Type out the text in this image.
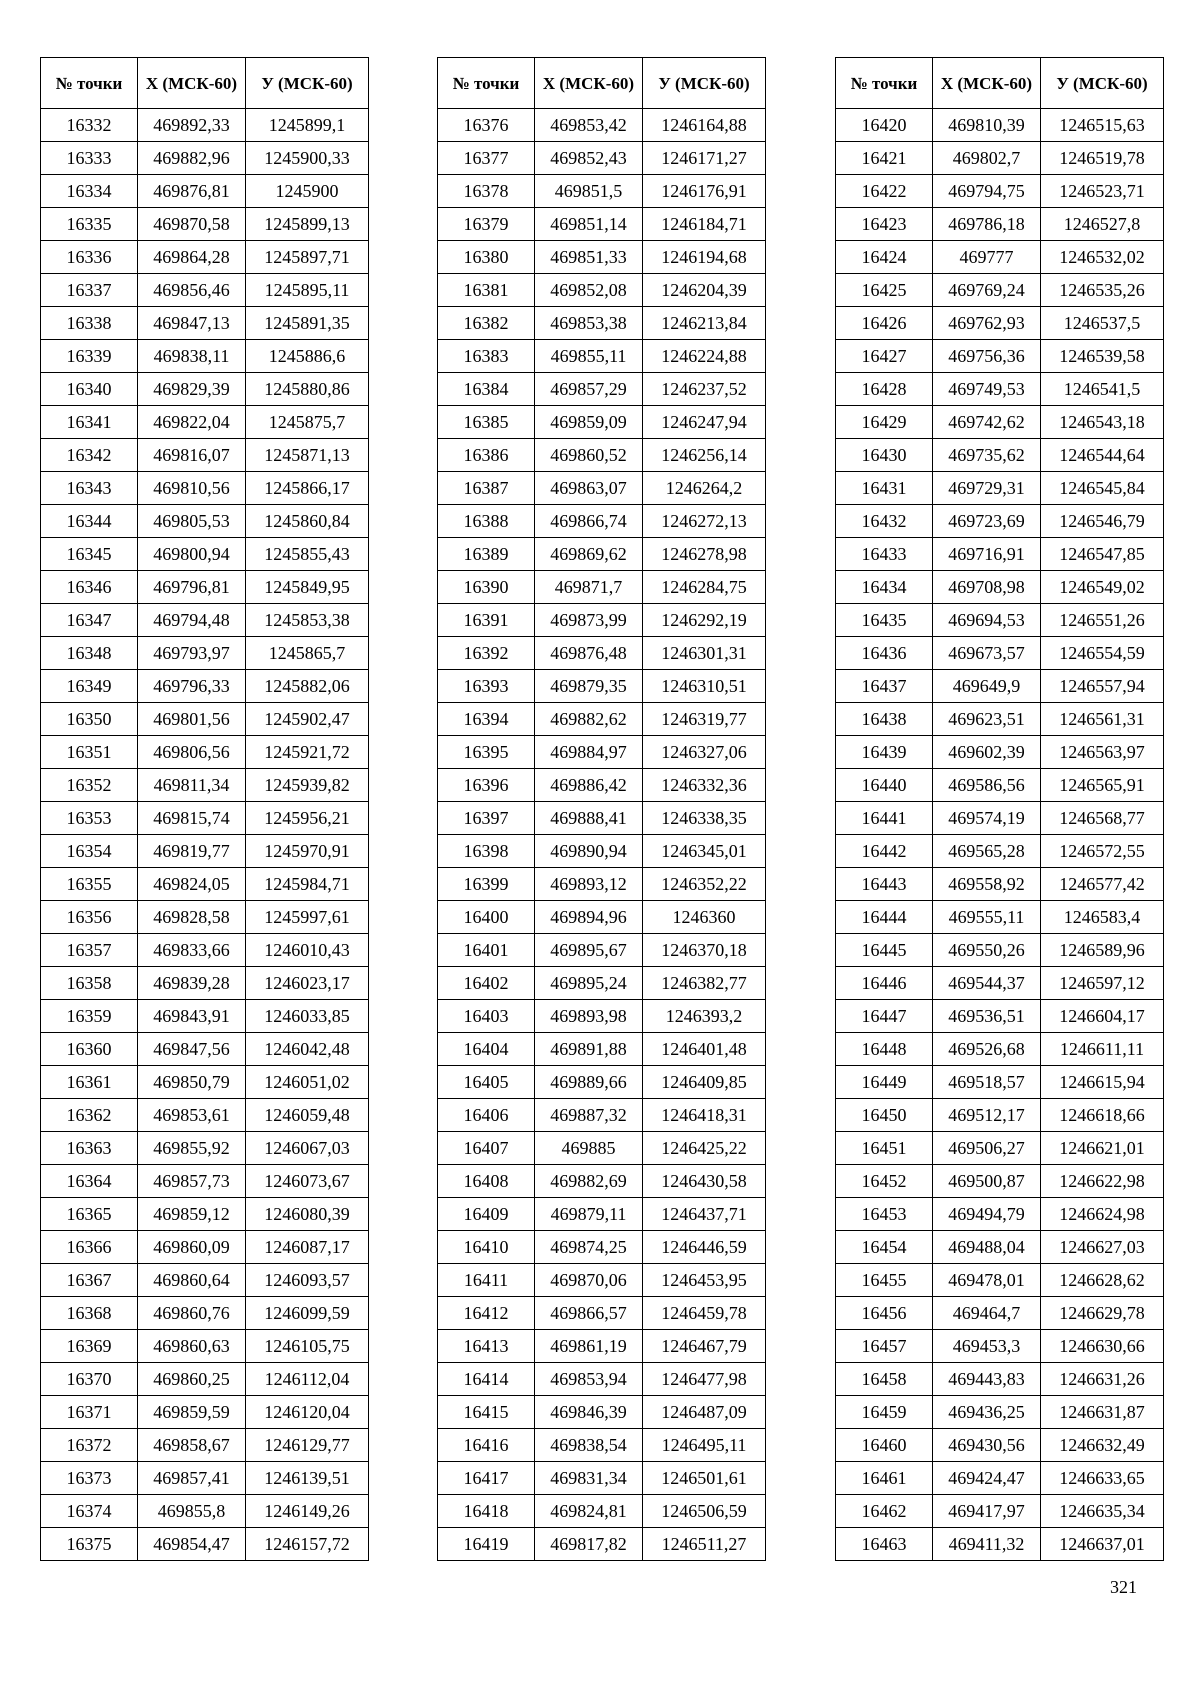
№ точки	Х (МСК-60)	У (МСК-60)
16332	469892,33	1245899,1
16333	469882,96	1245900,33
16334	469876,81	1245900
16335	469870,58	1245899,13
16336	469864,28	1245897,71
16337	469856,46	1245895,11
16338	469847,13	1245891,35
16339	469838,11	1245886,6
16340	469829,39	1245880,86
16341	469822,04	1245875,7
16342	469816,07	1245871,13
16343	469810,56	1245866,17
16344	469805,53	1245860,84
16345	469800,94	1245855,43
16346	469796,81	1245849,95
16347	469794,48	1245853,38
16348	469793,97	1245865,7
16349	469796,33	1245882,06
16350	469801,56	1245902,47
16351	469806,56	1245921,72
16352	469811,34	1245939,82
16353	469815,74	1245956,21
16354	469819,77	1245970,91
16355	469824,05	1245984,71
16356	469828,58	1245997,61
16357	469833,66	1246010,43
16358	469839,28	1246023,17
16359	469843,91	1246033,85
16360	469847,56	1246042,48
16361	469850,79	1246051,02
16362	469853,61	1246059,48
16363	469855,92	1246067,03
16364	469857,73	1246073,67
16365	469859,12	1246080,39
16366	469860,09	1246087,17
16367	469860,64	1246093,57
16368	469860,76	1246099,59
16369	469860,63	1246105,75
16370	469860,25	1246112,04
16371	469859,59	1246120,04
16372	469858,67	1246129,77
16373	469857,41	1246139,51
16374	469855,8	1246149,26
16375	469854,47	1246157,72
№ точки	Х (МСК-60)	У (МСК-60)
16376	469853,42	1246164,88
16377	469852,43	1246171,27
16378	469851,5	1246176,91
16379	469851,14	1246184,71
16380	469851,33	1246194,68
16381	469852,08	1246204,39
16382	469853,38	1246213,84
16383	469855,11	1246224,88
16384	469857,29	1246237,52
16385	469859,09	1246247,94
16386	469860,52	1246256,14
16387	469863,07	1246264,2
16388	469866,74	1246272,13
16389	469869,62	1246278,98
16390	469871,7	1246284,75
16391	469873,99	1246292,19
16392	469876,48	1246301,31
16393	469879,35	1246310,51
16394	469882,62	1246319,77
16395	469884,97	1246327,06
16396	469886,42	1246332,36
16397	469888,41	1246338,35
16398	469890,94	1246345,01
16399	469893,12	1246352,22
16400	469894,96	1246360
16401	469895,67	1246370,18
16402	469895,24	1246382,77
16403	469893,98	1246393,2
16404	469891,88	1246401,48
16405	469889,66	1246409,85
16406	469887,32	1246418,31
16407	469885	1246425,22
16408	469882,69	1246430,58
16409	469879,11	1246437,71
16410	469874,25	1246446,59
16411	469870,06	1246453,95
16412	469866,57	1246459,78
16413	469861,19	1246467,79
16414	469853,94	1246477,98
16415	469846,39	1246487,09
16416	469838,54	1246495,11
16417	469831,34	1246501,61
16418	469824,81	1246506,59
16419	469817,82	1246511,27
№ точки	Х (МСК-60)	У (МСК-60)
16420	469810,39	1246515,63
16421	469802,7	1246519,78
16422	469794,75	1246523,71
16423	469786,18	1246527,8
16424	469777	1246532,02
16425	469769,24	1246535,26
16426	469762,93	1246537,5
16427	469756,36	1246539,58
16428	469749,53	1246541,5
16429	469742,62	1246543,18
16430	469735,62	1246544,64
16431	469729,31	1246545,84
16432	469723,69	1246546,79
16433	469716,91	1246547,85
16434	469708,98	1246549,02
16435	469694,53	1246551,26
16436	469673,57	1246554,59
16437	469649,9	1246557,94
16438	469623,51	1246561,31
16439	469602,39	1246563,97
16440	469586,56	1246565,91
16441	469574,19	1246568,77
16442	469565,28	1246572,55
16443	469558,92	1246577,42
16444	469555,11	1246583,4
16445	469550,26	1246589,96
16446	469544,37	1246597,12
16447	469536,51	1246604,17
16448	469526,68	1246611,11
16449	469518,57	1246615,94
16450	469512,17	1246618,66
16451	469506,27	1246621,01
16452	469500,87	1246622,98
16453	469494,79	1246624,98
16454	469488,04	1246627,03
16455	469478,01	1246628,62
16456	469464,7	1246629,78
16457	469453,3	1246630,66
16458	469443,83	1246631,26
16459	469436,25	1246631,87
16460	469430,56	1246632,49
16461	469424,47	1246633,65
16462	469417,97	1246635,34
16463	469411,32	1246637,01
321
